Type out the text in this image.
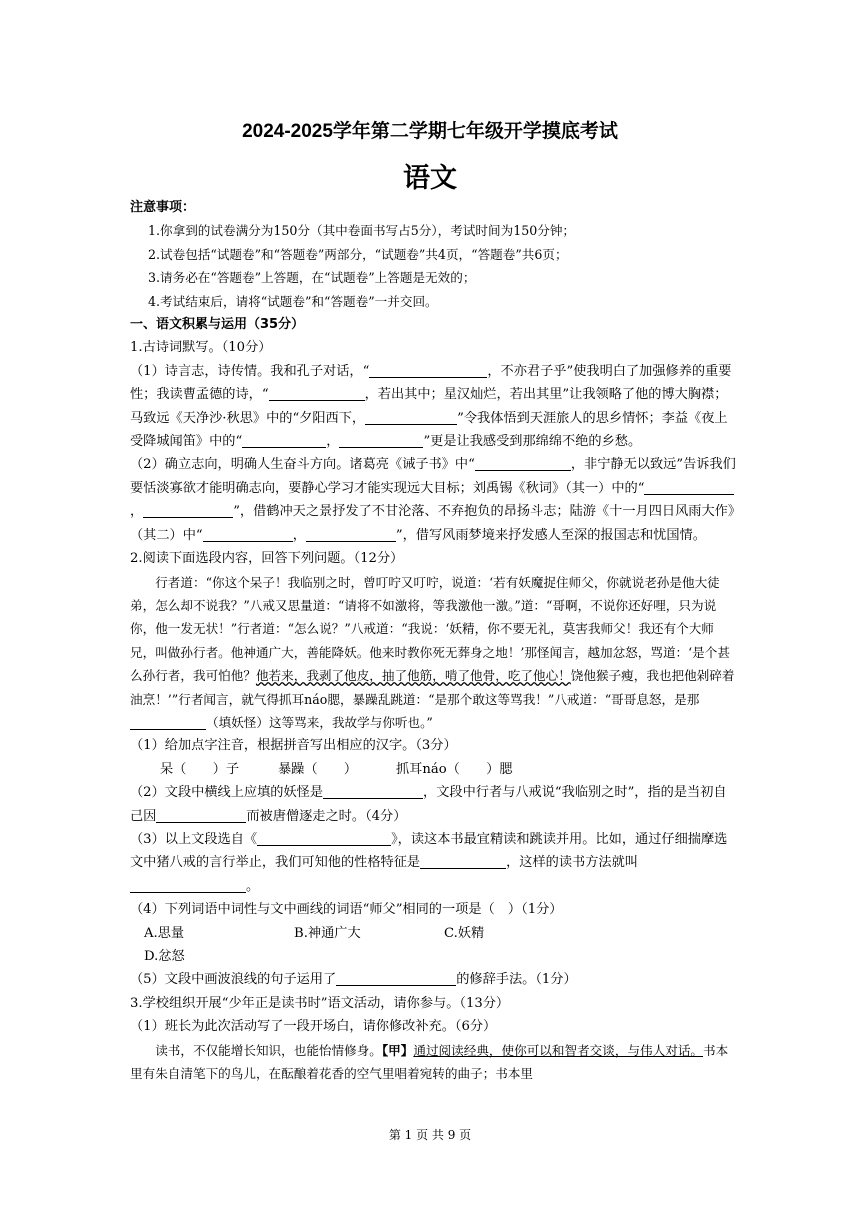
2024-2025学年第二学期七年级开学摸底考试
语文

注意事项：

1.你拿到的试卷满分为150分（其中卷面书写占5分），考试时间为150分钟；

2.试卷包括“试题卷”和“答题卷”两部分，“试题卷”共4页，“答题卷”共6页；

3.请务必在“答题卷”上答题，在“试题卷”上答题是无效的；

4.考试结束后，请将“试题卷”和“答题卷”一并交回。

一、语文积累与运用（35分）

1.古诗词默写。（10分）

（1）诗言志，诗传情。我和孔子对话，“	，不亦君子乎”使我明白了加强修养的重要性；我读曹孟德的诗，“	，若出其中；星汉灿烂，若出其里”让我领略了他的博大胸襟；马致远《天净沙·秋思》中的“夕阳西下，	”令我体悟到天涯旅人的思乡情怀；李益《夜上受降城闻笛》中的“	，	”更是让我感受到那绵绵不绝的乡愁。

（2）确立志向，明确人生奋斗方向。诸葛亮《诫子书》中“	，非宁静无以致远”告诉我们要恬淡寡欲才能明确志向，要静心学习才能实现远大目标；刘禹锡《秋词》（其一）中的“，	”，借鹤冲天之景抒发了不甘沦落、不弃抱负的昂扬斗志；陆游《十一月四日风雨大作》（其二）中“	，	”，借写风雨梦境来抒发感人至深的报国志和忧国情。

2.阅读下面选段内容，回答下列问题。（12分）

行者道：“你这个呆子！我临别之时，曾叮咛又叮咛，说道：‘若有妖魔捉住师父，你就说老孙是他大徒弟，怎么却不说我？”八戒又思量道：“请将不如激将，等我激他一激。”道：“哥啊，不说你还好哩，只为说你，他一发无状！”行者道：“怎么说？”八戒道：“我说：‘妖精，你不要无礼，莫害我师父！我还有个大师兄，叫做孙行者。他神通广大，善能降妖。他来时教你死无葬身之地！’那怪闻言，越加忿怒，骂道：‘是个甚么孙行者，我可怕他？他若来，我剥了他皮，抽了他筋，啃了他骨，吃了他心！饶他猴子瘦，我也把他剁碎着油烹！’”行者闻言，就气得抓耳náo腮，暴躁乱跳道：“是那个敢这等骂我！”八戒道：“哥哥息怒，是那（填妖怪）这等骂来，我故学与你听也。”

（1）给加点字注音，根据拼音写出相应的汉字。（3分）

呆（　　）子	暴躁（　　）	抓耳náo（　　）腮

（2）文段中横线上应填的妖怪是	，文段中行者与八戒说“我临别之时”，指的是当初自己因	而被唐僧逐走之时。（4分）

（3）以上文段选自《	》，读这本书最宜精读和跳读并用。比如，通过仔细揣摩选文中猪八戒的言行举止，我们可知他的性格特征是	，这样的读书方法就叫。

（4）下列词语中词性与文中画线的词语“师父”相同的一项是（　）（1分）

A.思量	B.神通广大	C.妖精D.忿怒

（5）文段中画波浪线的句子运用了	的修辞手法。（1分）

3.学校组织开展“少年正是读书时”语文活动，请你参与。（13分）

（1）班长为此次活动写了一段开场白，请你修改补充。（6分）

读书，不仅能增长知识，也能怡情修身。【甲】通过阅读经典，使你可以和智者交谈，与伟人对话。书本里有朱自清笔下的鸟儿，在酝酿着花香的空气里唱着宛转的曲子；书本里

第 1 页 共 9 页
